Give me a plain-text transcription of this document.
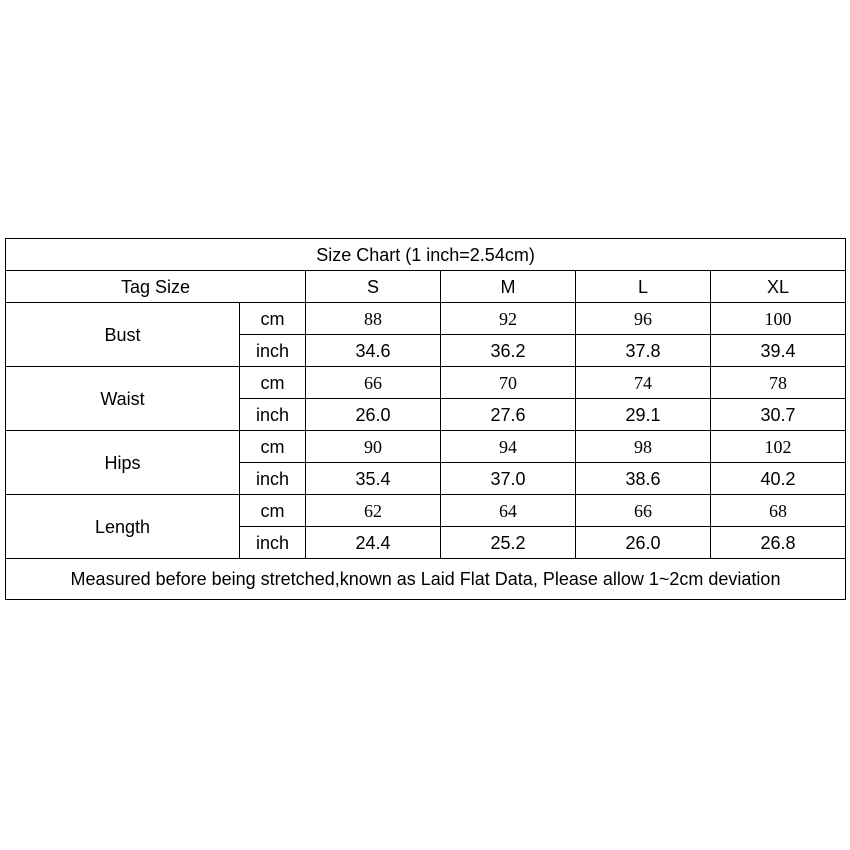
Size Chart (1 inch=2.54cm)					
Tag Size		S	M	L	XL
Bust	cm	88	92	96	100
	inch	34.6	36.2	37.8	39.4
Waist	cm	66	70	74	78
	inch	26.0	27.6	29.1	30.7
Hips	cm	90	94	98	102
	inch	35.4	37.0	38.6	40.2
Length	cm	62	64	66	68
	inch	24.4	25.2	26.0	26.8
Measured before being stretched,known as Laid Flat Data, Please allow 1~2cm deviation					
